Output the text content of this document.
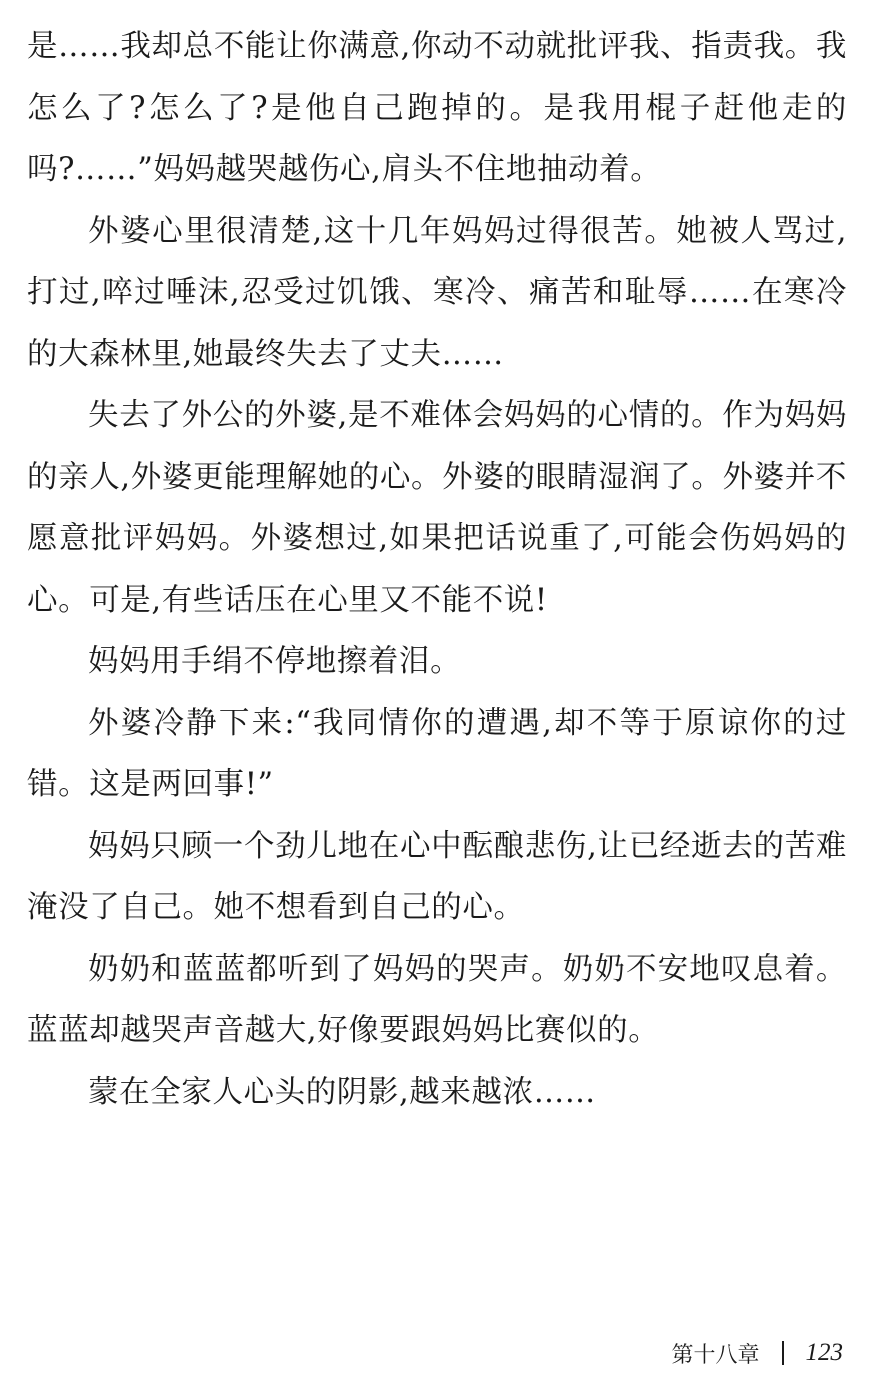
是……我却总不能让你满意,你动不动就批评我、指责我。我怎么了?怎么了?是他自己跑掉的。是我用棍子赶他走的吗?……”妈妈越哭越伤心,肩头不住地抽动着。

外婆心里很清楚,这十几年妈妈过得很苦。她被人骂过,打过,啐过唾沫,忍受过饥饿、寒冷、痛苦和耻辱……在寒冷的大森林里,她最终失去了丈夫……

失去了外公的外婆,是不难体会妈妈的心情的。作为妈妈的亲人,外婆更能理解她的心。外婆的眼睛湿润了。外婆并不愿意批评妈妈。外婆想过,如果把话说重了,可能会伤妈妈的心。可是,有些话压在心里又不能不说!

妈妈用手绢不停地擦着泪。

外婆冷静下来:“我同情你的遭遇,却不等于原谅你的过错。这是两回事!”

妈妈只顾一个劲儿地在心中酝酿悲伤,让已经逝去的苦难淹没了自己。她不想看到自己的心。

奶奶和蓝蓝都听到了妈妈的哭声。奶奶不安地叹息着。蓝蓝却越哭声音越大,好像要跟妈妈比赛似的。

蒙在全家人心头的阴影,越来越浓……

第十八章 123
